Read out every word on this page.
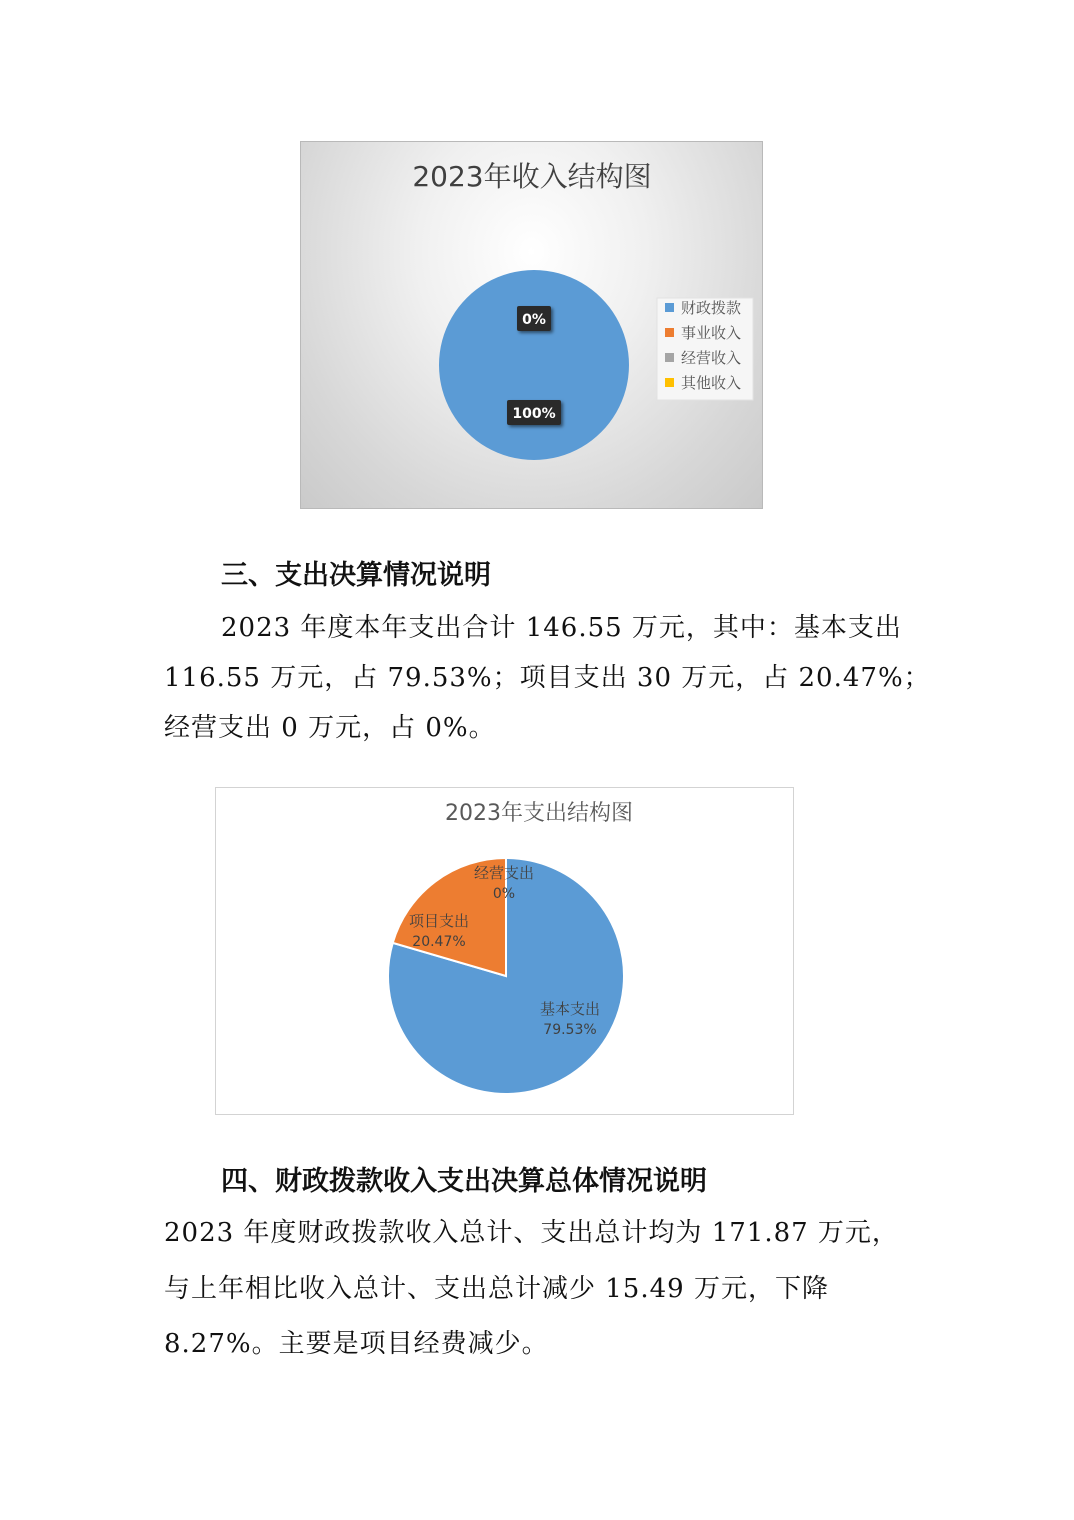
2023年收入结构图
100%
0%
财政拨款
事业收入
经营收入
其他收入
三、支出决算情况说明

2023 年度本年支出合计 146.55 万元，其中：基本支出

116.55 万元，占 79.53%；项目支出 30 万元，占 20.47%；

经营支出 0 万元，占 0%。

2023年支出结构图
基本支出
79.53%
项目支出
20.47%
经营支出
0%
四、财政拨款收入支出决算总体情况说明

2023 年度财政拨款收入总计、支出总计均为 171.87 万元，

与上年相比收入总计、支出总计减少 15.49 万元，下降

8.27%。主要是项目经费减少。
